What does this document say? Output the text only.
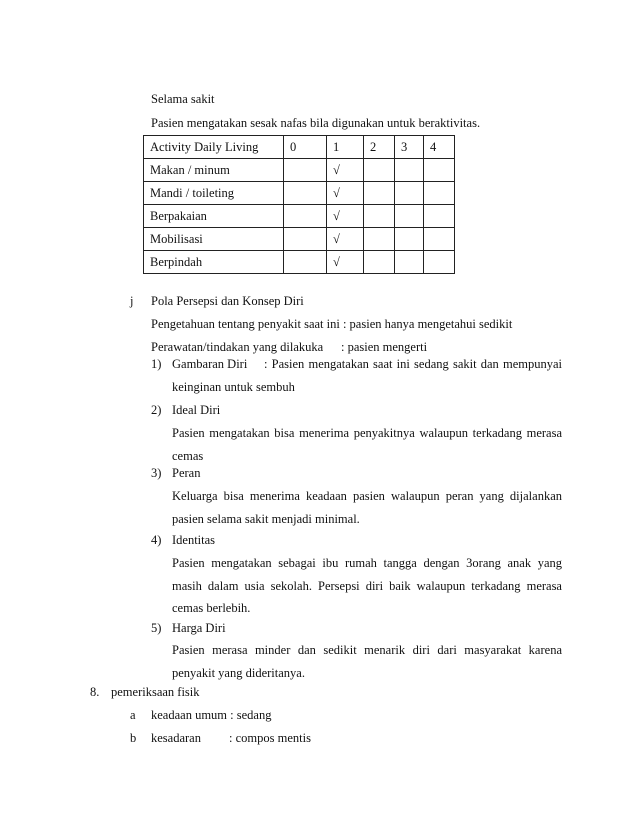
Selama sakit
Pasien mengatakan sesak nafas bila digunakan untuk beraktivitas.
Activity Daily Living	0	1	2	3	4
Makan / minum		√			
Mandi / toileting		√			
Berpakaian		√			
Mobilisasi		√			
Berpindah		√			
j Pola Persepsi dan Konsep Diri
Pengetahuan tentang penyakit saat ini : pasien hanya mengetahui sedikit
Perawatan/tindakan yang dilakuka : pasien mengerti
1) Gambaran Diri : Pasien mengatakan saat ini sedang sakit dan mempunyai
keinginan untuk sembuh
2) Ideal Diri
Pasien mengatakan bisa menerima penyakitnya walaupun terkadang merasa
cemas
3) Peran
Keluarga bisa menerima keadaan pasien walaupun peran yang dijalankan
pasien selama sakit menjadi minimal.
4) Identitas
Pasien mengatakan sebagai ibu rumah tangga dengan 3orang anak yang
masih dalam usia sekolah. Persepsi diri baik walaupun terkadang merasa
cemas berlebih.
5) Harga Diri
Pasien merasa minder dan sedikit menarik diri dari masyarakat karena
penyakit yang dideritanya.
8. pemeriksaan fisik
a keadaan umum : sedang
b kesadaran : compos mentis
